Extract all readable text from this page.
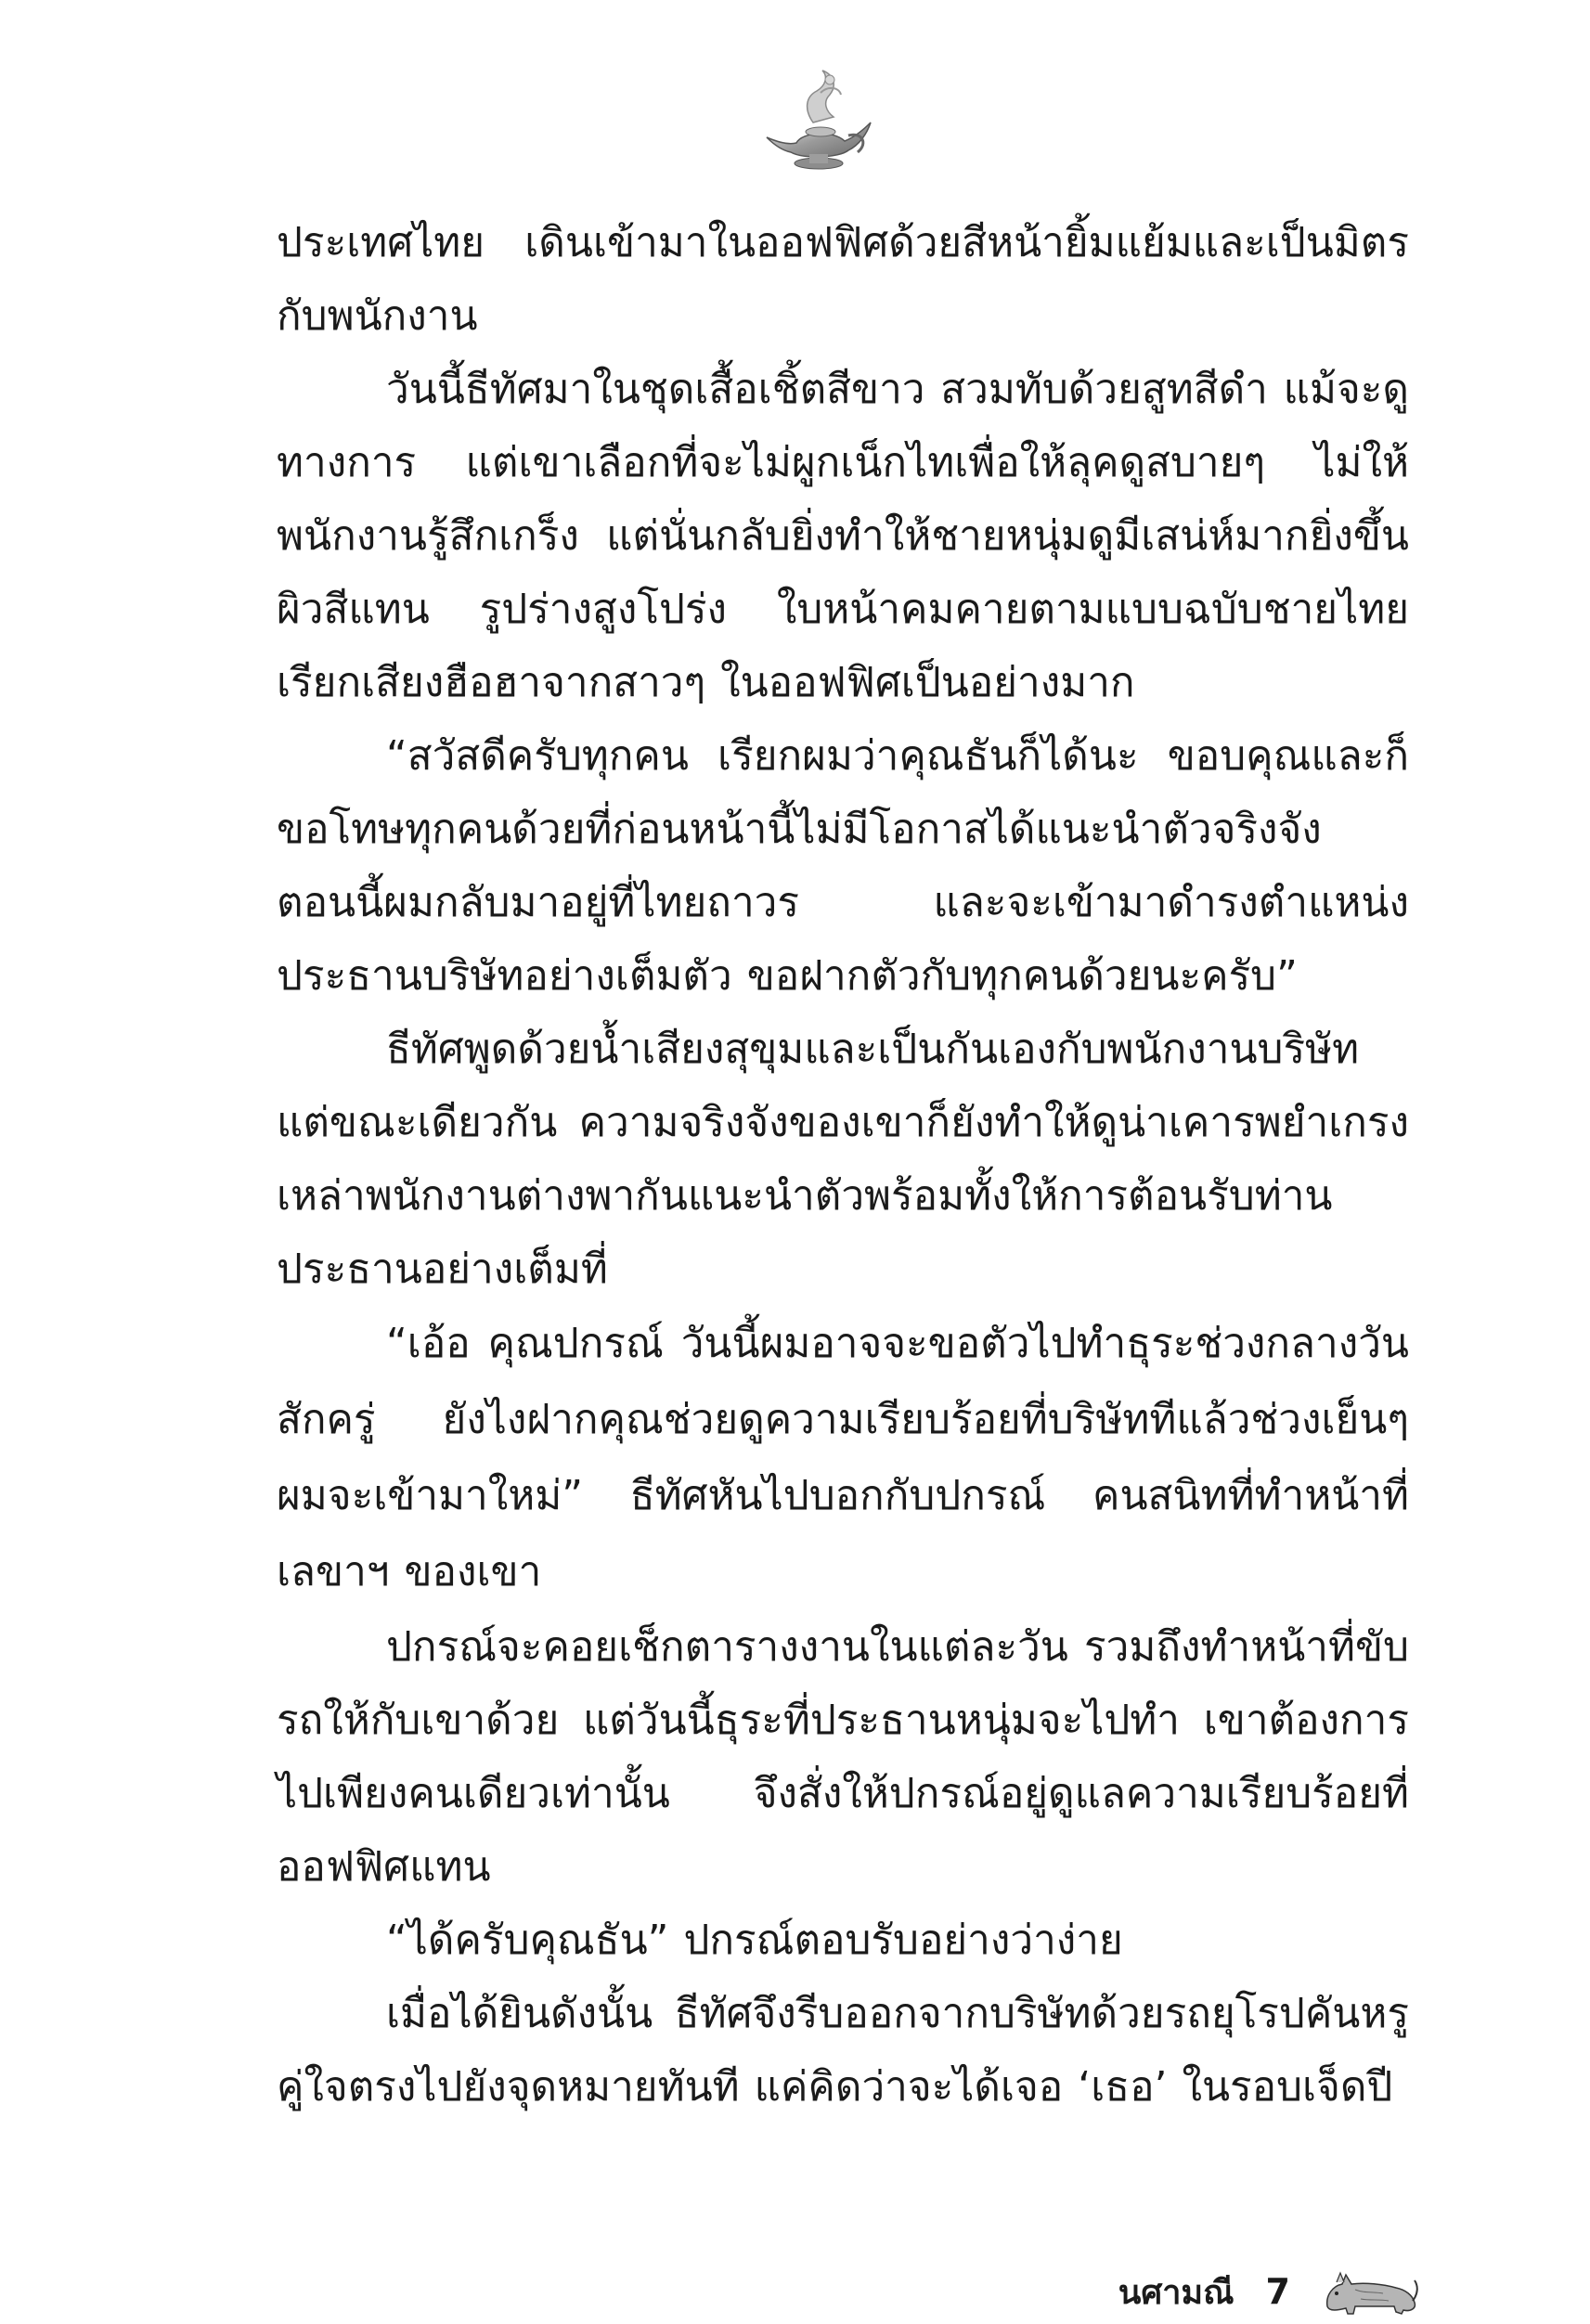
ประเทศไทย เดินเข้ามาในออฟฟิศด้วยสีหน้ายิ้มแย้มและเป็นมิตรกับพนักงาน

วันนี้ธีทัศมาในชุดเสื้อเชิ้ตสีขาว สวมทับด้วยสูทสีดำ แม้จะดูทางการ แต่เขาเลือกที่จะไม่ผูกเน็กไทเพื่อให้ลุคดูสบายๆ ไม่ให้พนักงานรู้สึกเกร็ง แต่นั่นกลับยิ่งทำให้ชายหนุ่มดูมีเสน่ห์มากยิ่งขึ้น ผิวสีแทน รูปร่างสูงโปร่ง ใบหน้าคมคายตามแบบฉบับชายไทย เรียกเสียงฮือฮาจากสาวๆ ในออฟฟิศเป็นอย่างมาก

“สวัสดีครับทุกคน เรียกผมว่าคุณธันก็ได้นะ ขอบคุณและก็ขอโทษทุกคนด้วยที่ก่อนหน้านี้ไม่มีโอกาสได้แนะนำตัวจริงจัง ตอนนี้ผมกลับมาอยู่ที่ไทยถาวร และจะเข้ามาดำรงตำแหน่งประธานบริษัทอย่างเต็มตัว ขอฝากตัวกับทุกคนด้วยนะครับ”

ธีทัศพูดด้วยน้ำเสียงสุขุมและเป็นกันเองกับพนักงานบริษัท แต่ขณะเดียวกัน ความจริงจังของเขาก็ยังทำให้ดูน่าเคารพยำเกรง เหล่าพนักงานต่างพากันแนะนำตัวพร้อมทั้งให้การต้อนรับท่านประธานอย่างเต็มที่

“เอ้อ คุณปกรณ์ วันนี้ผมอาจจะขอตัวไปทำธุระช่วงกลางวันสักครู่ ยังไงฝากคุณช่วยดูความเรียบร้อยที่บริษัททีแล้วช่วงเย็นๆ ผมจะเข้ามาใหม่” ธีทัศหันไปบอกกับปกรณ์ คนสนิทที่ทำหน้าที่เลขาฯ ของเขา

ปกรณ์จะคอยเช็กตารางงานในแต่ละวัน รวมถึงทำหน้าที่ขับรถให้กับเขาด้วย แต่วันนี้ธุระที่ประธานหนุ่มจะไปทำ เขาต้องการไปเพียงคนเดียวเท่านั้น จึงสั่งให้ปกรณ์อยู่ดูแลความเรียบร้อยที่ออฟฟิศแทน

“ได้ครับคุณธัน” ปกรณ์ตอบรับอย่างว่าง่าย

เมื่อได้ยินดังนั้น ธีทัศจึงรีบออกจากบริษัทด้วยรถยุโรปคันหรูคู่ใจตรงไปยังจุดหมายทันที แค่คิดว่าจะได้เจอ ‘เธอ’ ในรอบเจ็ดปี

นศามณี 7
